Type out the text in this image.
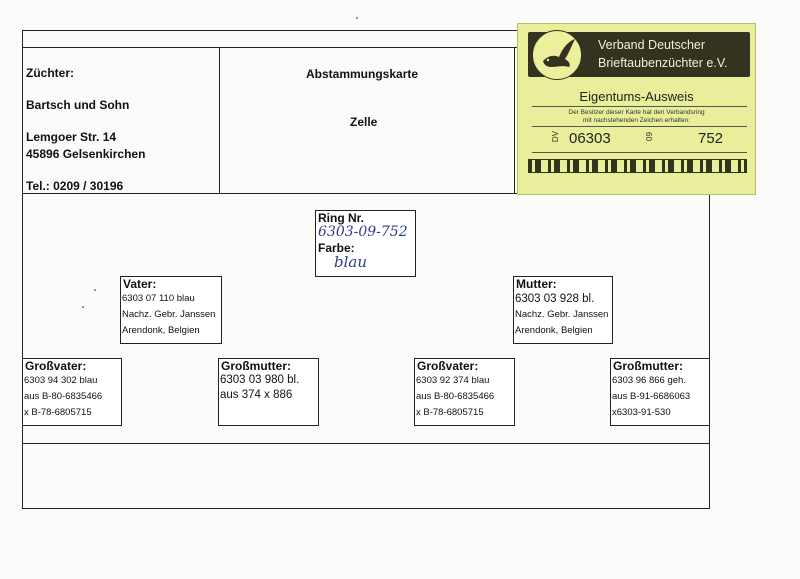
Züchter:
Bartsch und Sohn
Lemgoer Str. 14
45896 Gelsenkirchen
Tel.: 0209 / 30196
Abstammungskarte
Zelle
Verband Deutscher
Brieftaubenzüchter e.V.
Eigentums-Ausweis
Der Besitzer dieser Karte hat den Verbandsring
mit nachstehenden Zeichen erhalten:
DV 06303	09	752
Ring Nr.
6303-09-752
Farbe:
blau
Vater:
6303 07 110 blau
Nachz. Gebr. Janssen
Arendonk, Belgien
Mutter:
6303 03 928 bl.
Nachz. Gebr. Janssen
Arendonk, Belgien
Großvater:
6303 94 302 blau
aus B-80-6835466
x B-78-6805715
Großmutter:
6303 03 980 bl.
aus 374 x 886
Großvater:
6303 92 374 blau
aus B-80-6835466
x B-78-6805715
Großmutter:
6303 96 866 geh.
aus B-91-6686063
x6303-91-530
